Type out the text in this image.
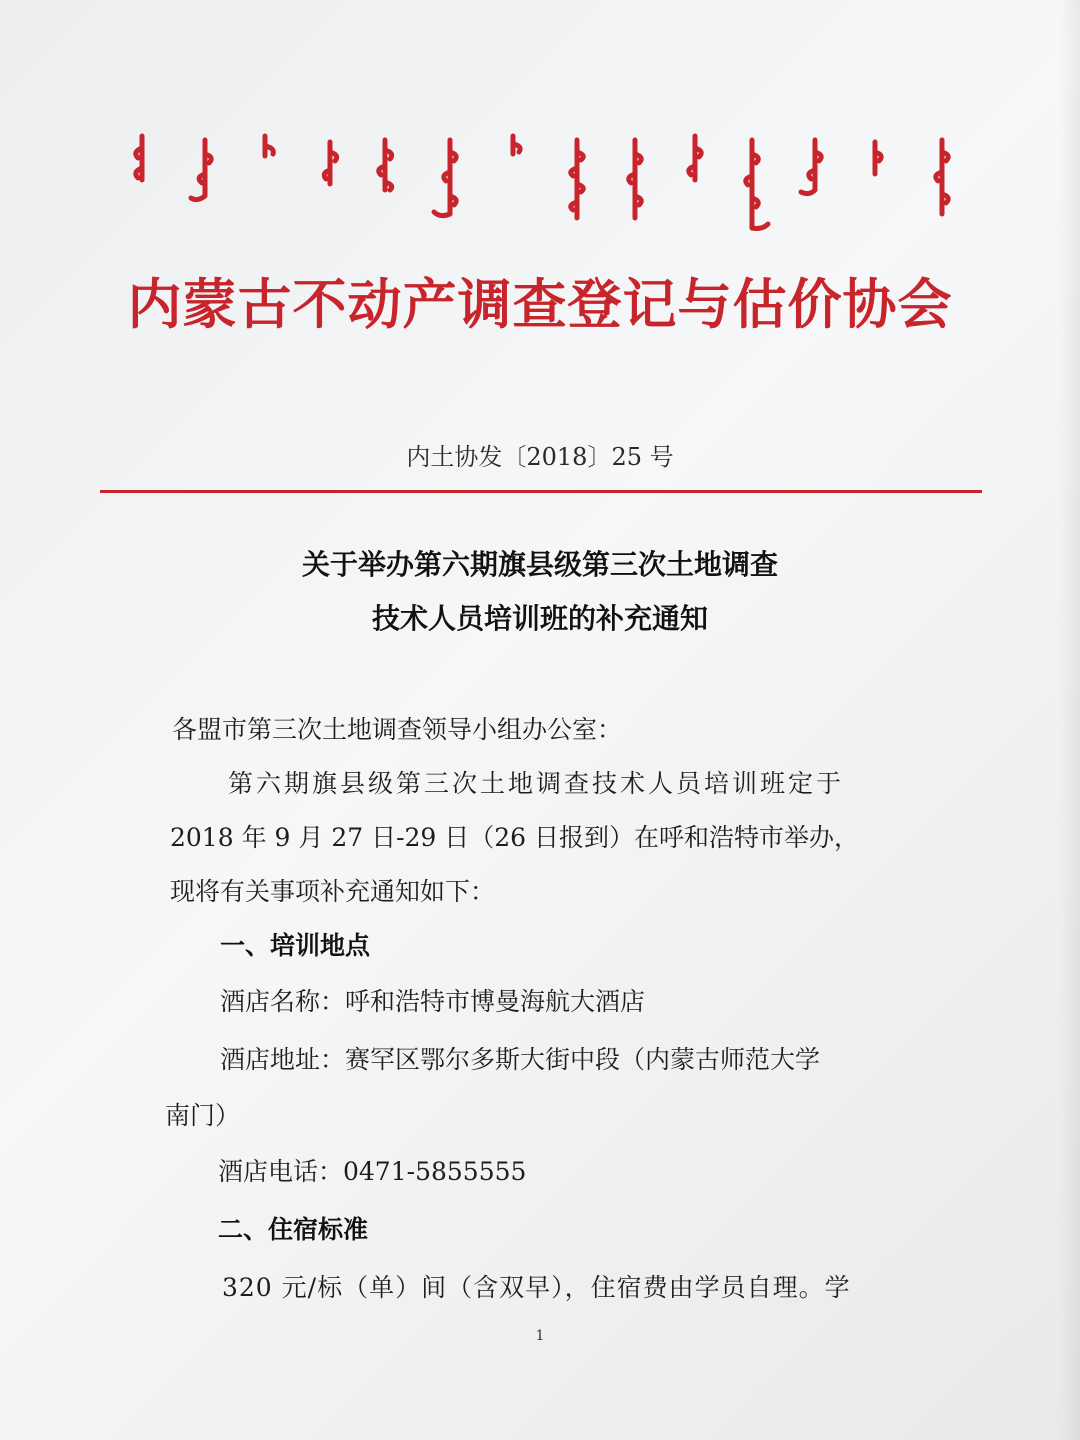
内蒙古不动产调查登记与估价协会
内土协发〔2018〕25 号
关于举办第六期旗县级第三次土地调查
技术人员培训班的补充通知
各盟市第三次土地调查领导小组办公室：
第六期旗县级第三次土地调查技术人员培训班定于
2018 年 9 月 27 日-29 日（26 日报到）在呼和浩特市举办，
现将有关事项补充通知如下：
一、培训地点
酒店名称：呼和浩特市博曼海航大酒店
酒店地址：赛罕区鄂尔多斯大街中段（内蒙古师范大学
南门）
酒店电话：0471-5855555
二、住宿标准
320 元/标（单）间（含双早），住宿费由学员自理。学
1
